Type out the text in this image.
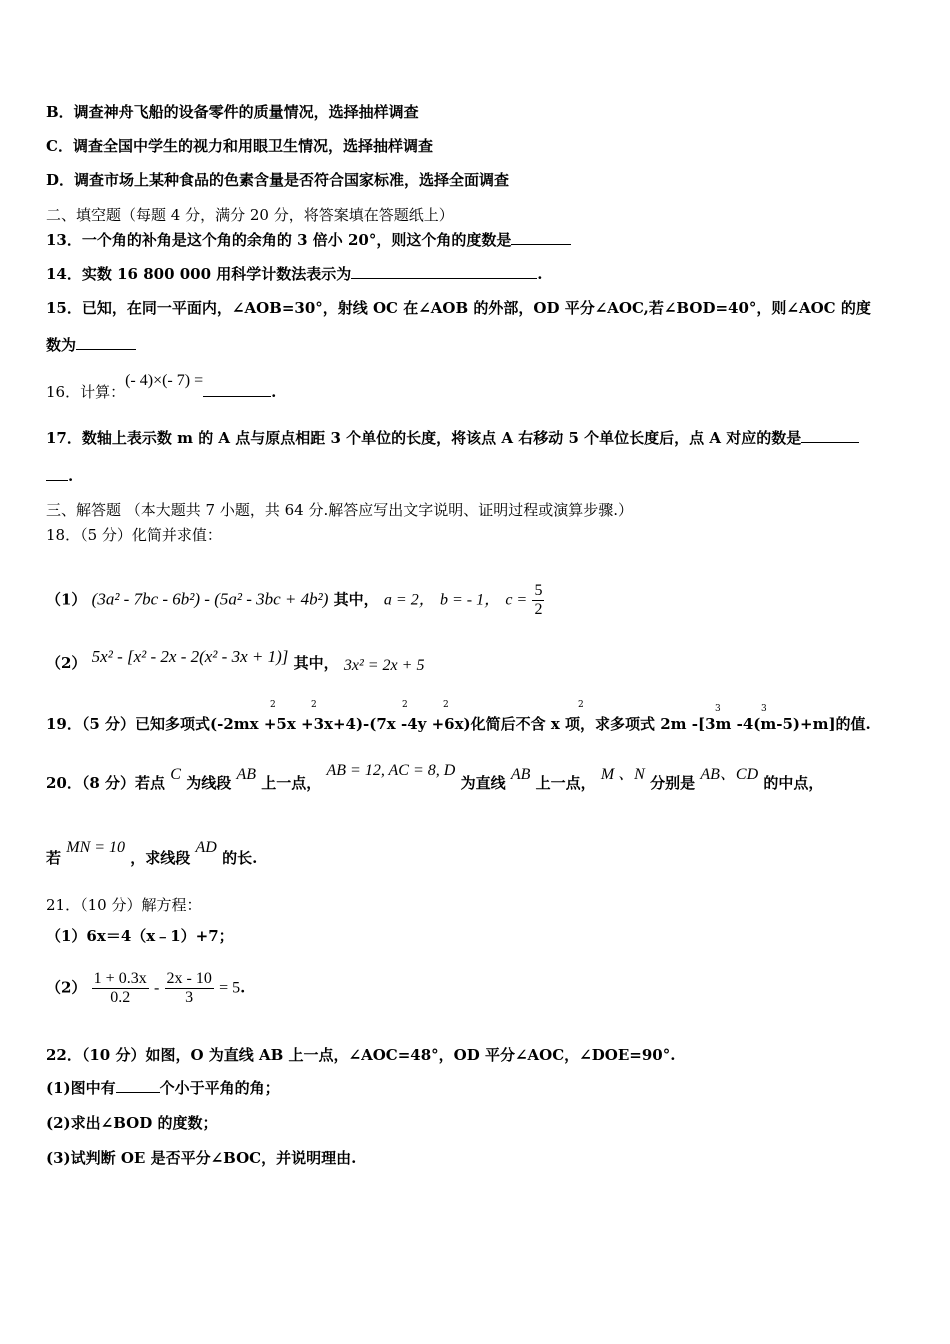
B．调查神舟飞船的设备零件的质量情况，选择抽样调查
C．调查全国中学生的视力和用眼卫生情况，选择抽样调查
D．调查市场上某种食品的色素含量是否符合国家标准，选择全面调查
二、填空题（每题 4 分，满分 20 分，将答案填在答题纸上）
13．一个角的补角是这个角的余角的 3 倍小 20°，则这个角的度数是
14．实数 16 800 000 用科学计数法表示为	.
15．已知，在同一平面内，∠AOB=30°，射线 OC 在∠AOB 的外部，OD 平分∠AOC,若∠BOD=40°，则∠AOC 的度
数为
16．计算：(- 4)×(- 7) =.
17．数轴上表示数 m 的 A 点与原点相距 3 个单位的长度，将该点 A 右移动 5 个单位长度后，点 A 对应的数是
.
三、解答题 （本大题共 7 小题，共 64 分.解答应写出文字说明、证明过程或演算步骤.）
18．（5 分）化简并求值：
（1） (3a² - 7bc - 6b²) - (5a² - 3bc + 4b²) 其中， a = 2， b = - 1， $c = \frac{5}{2}$
（2） 5x² - [x² - 2x - 2(x² - 3x + 1)] 其中， 3x² = 2x + 5
19．（5 分）已知多项式(-2mx +5x +3x+4)-(7x -4y +6x)化简后不含 x 项，求多项式 2m -[3m -4(m-5)+m]的值.
2	2	2	2	2	3	3
20．（8 分）若点 C 为线段 AB 上一点， AB = 12, AC = 8, D 为直线 AB 上一点， M 、N 分别是 AB、CD 的中点，
若 MN = 10 ，求线段 AD 的长.
21．（10 分）解方程：
（1）6x＝4（x﹣1）+7；
$(2) \frac{1 + 0.3x}{0.2} - \frac{2x - 10}{3} = 5$.
22．（10 分）如图，O 为直线 AB 上一点，∠AOC=48°，OD 平分∠AOC，∠DOE=90°.
(1)图中有	个小于平角的角；
(2)求出∠BOD 的度数；
(3)试判断 OE 是否平分∠BOC，并说明理由.
